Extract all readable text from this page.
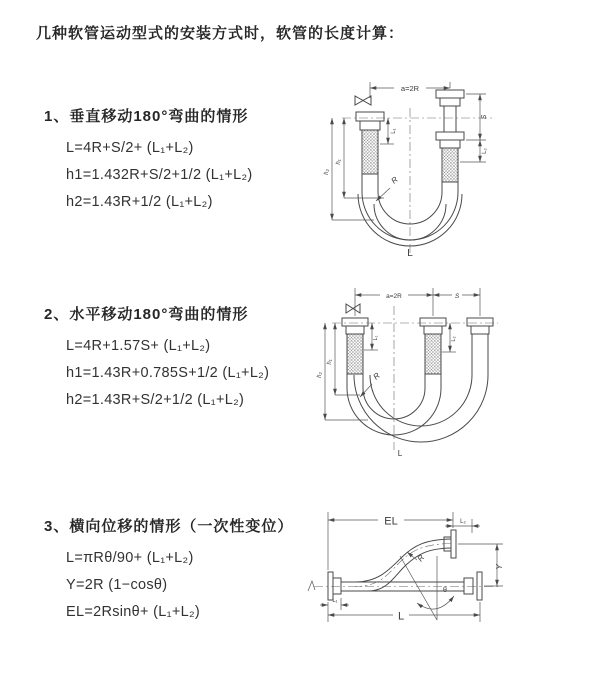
几种软管运动型式的安装方式时，软管的长度计算：
1、垂直移动180°弯曲的情形
L=4R+S/2+ (L₁+L₂)
h1=1.432R+S/2+1/2 (L₁+L₂)
h2=1.43R+1/2 (L₁+L₂)
2、水平移动180°弯曲的情形
L=4R+1.57S+ (L₁+L₂)
h1=1.43R+0.785S+1/2 (L₁+L₂)
h2=1.43R+S/2+1/2 (L₁+L₂)
3、横向位移的情形（一次性变位）
L=πRθ/90+ (L₁+L₂)
Y=2R (1−cosθ)
EL=2Rsinθ+ (L₁+L₂)
a=2R
R
S
L₂
L₁
h₁
h₂
L
a=2R	S
R
h₂
h₁
L₁	L₂
L
EL	L₂
θ
R
Y
L₁
L
